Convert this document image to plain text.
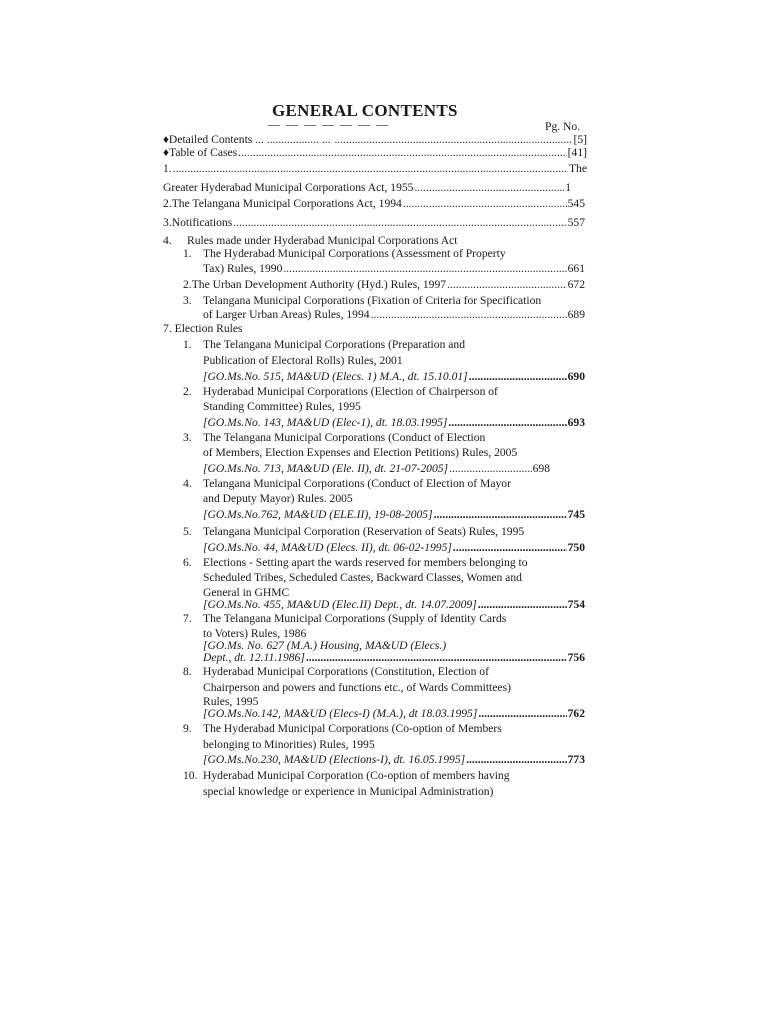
GENERAL CONTENTS
—  —  —  —  —  —  —	Pg. No.
♦ Detailed Contents ... .................. ... .....	[5]
♦ Table of Cases .....	[41]
1. .....	The
Greater Hyderabad Municipal Corporations Act, 1955 .....	1
2. The Telangana Municipal Corporations Act, 1994 .....	545
3. Notifications .....	557
4. Rules made under Hyderabad Municipal Corporations Act
1. The Hyderabad Municipal Corporations (Assessment of Property
Tax) Rules, 1990 .....	661
2. The Urban Development Authority (Hyd.) Rules, 1997 .....	672
3. Telangana Municipal Corporations (Fixation of Criteria for Specification
of Larger Urban Areas) Rules, 1994 .....	689
7. Election Rules
1. The Telangana Municipal Corporations (Preparation and
Publication of Electoral Rolls) Rules, 2001
[GO.Ms.No. 515, MA&UD (Elecs. 1) M.A., dt. 15.10.01] .....	690
2. Hyderabad Municipal Corporations (Election of Chairperson of
Standing Committee) Rules, 1995
[GO.Ms.No. 143, MA&UD (Elec-1), dt. 18.03.1995] .....	693
3. The Telangana Municipal Corporations (Conduct of Election
of Members, Election Expenses and Election Petitions) Rules, 2005
[GO.Ms.No. 713, MA&UD (Ele. II), dt. 21-07-2005] .....	698
4. Telangana Municipal Corporations (Conduct of Election of Mayor
and Deputy Mayor) Rules. 2005
[GO.Ms.No.762, MA&UD (ELE.II), 19-08-2005] .....	745
5. Telangana Municipal Corporation (Reservation of Seats) Rules, 1995
[GO.Ms.No. 44, MA&UD (Elecs. II), dt. 06-02-1995] .....	750
6. Elections - Setting apart the wards reserved for members belonging to
Scheduled Tribes, Scheduled Castes, Backward Classes, Women and
General in GHMC
[GO.Ms.No. 455, MA&UD (Elec.II) Dept., dt. 14.07.2009] .....	754
7. The Telangana Municipal Corporations (Supply of Identity Cards
to Voters) Rules, 1986
[GO.Ms. No. 627 (M.A.) Housing, MA&UD (Elecs.)
Dept., dt. 12.11.1986] .....	756
8. Hyderabad Municipal Corporations (Constitution, Election of
Chairperson and powers and functions etc., of Wards Committees)
Rules, 1995
[GO.Ms.No.142, MA&UD (Elecs-I) (M.A.), dt 18.03.1995] .....	762
9. The Hyderabad Municipal Corporations (Co-option of Members
belonging to Minorities) Rules, 1995
[GO.Ms.No.230, MA&UD (Elections-I), dt. 16.05.1995] .....	773
10. Hyderabad Municipal Corporation (Co-option of members having
special knowledge or experience in Municipal Administration)
